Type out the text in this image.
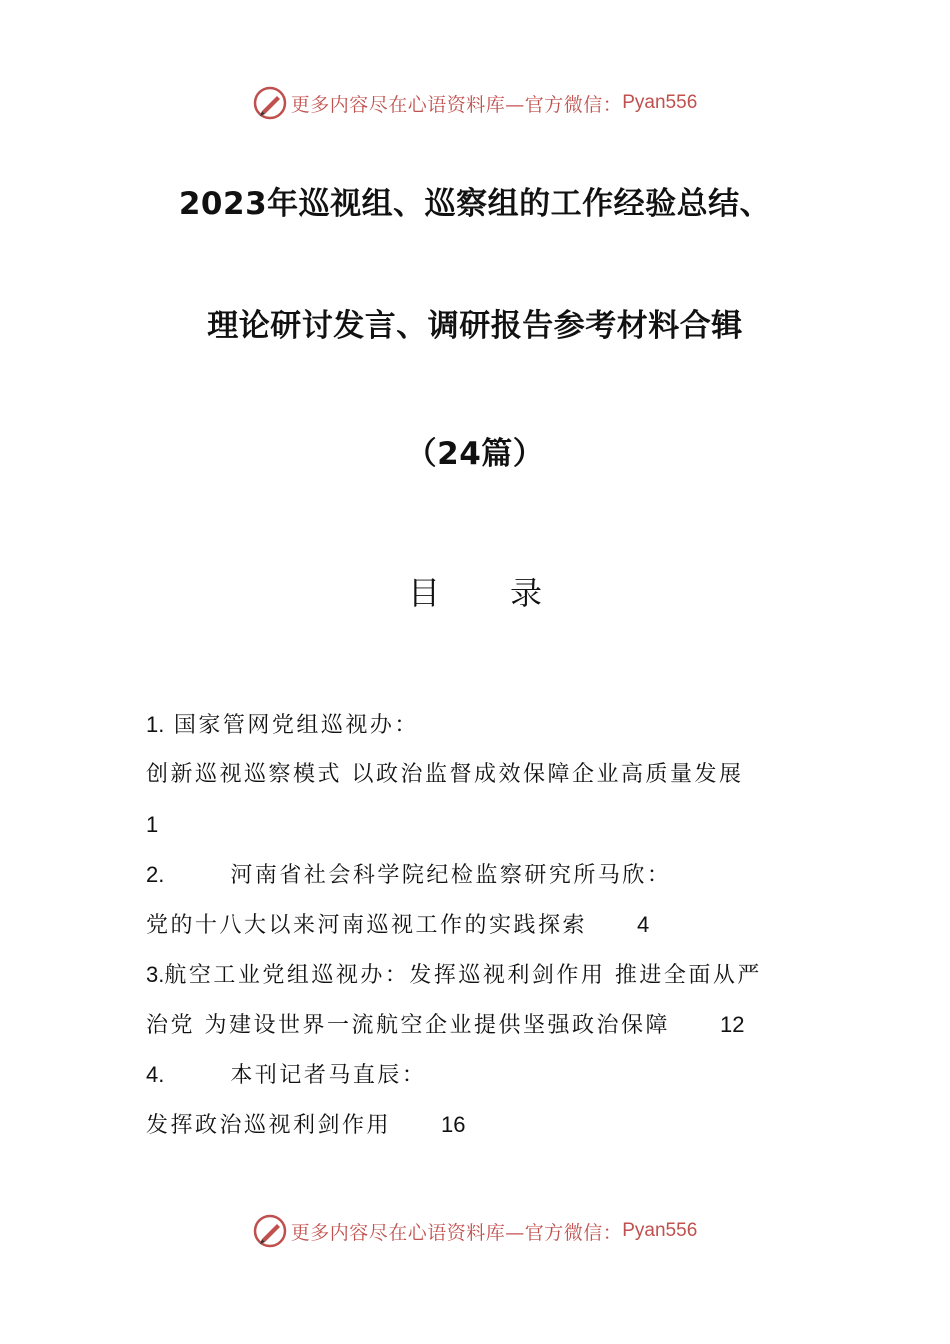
更多内容尽在心语资料库—官方微信： Pyan556
2023年巡视组、巡察组的工作经验总结、
理论研讨发言、调研报告参考材料合辑
（24篇）
目录
1. 国家管网党组巡视办：
创新巡视巡察模式 以政治监督成效保障企业高质量发展
1
2.	河南省社会科学院纪检监察研究所马欣：
党的十八大以来河南巡视工作的实践探索 4
3.航空工业党组巡视办：发挥巡视利剑作用 推进全面从严
治党 为建设世界一流航空企业提供坚强政治保障 12
4.	本刊记者马直辰：
发挥政治巡视利剑作用 16
更多内容尽在心语资料库—官方微信： Pyan556
